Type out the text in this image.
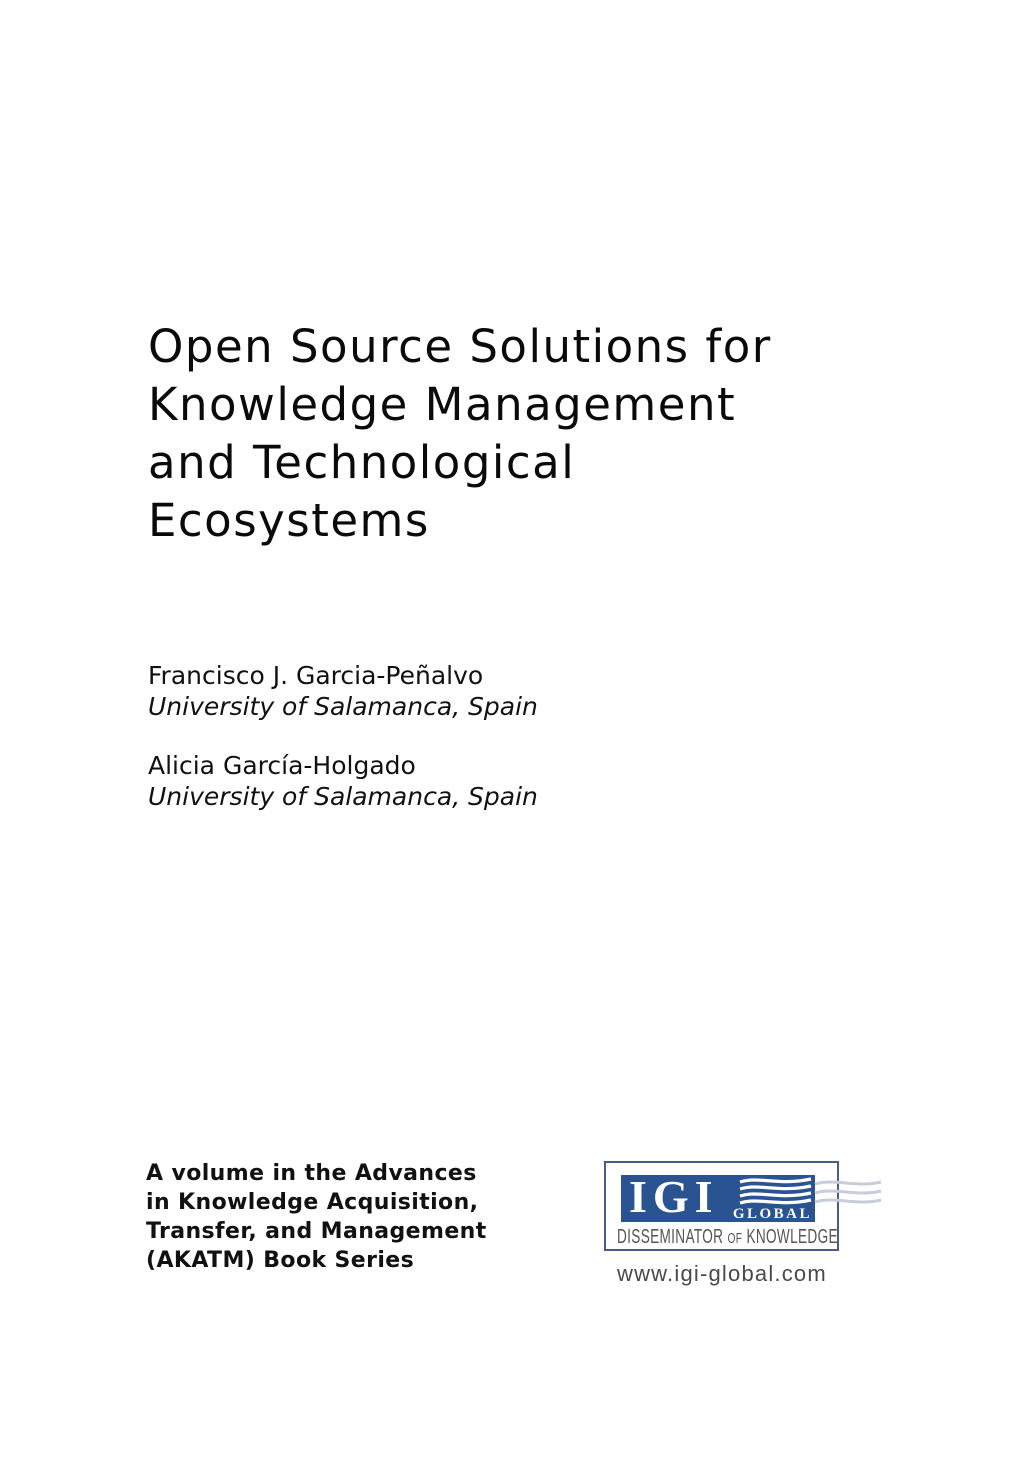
Open Source Solutions for
Knowledge Management
and Technological
Ecosystems
Francisco J. Garcia-Peñalvo
University of Salamanca, Spain
Alicia García-Holgado
University of Salamanca, Spain
A volume in the Advances
in Knowledge Acquisition,
Transfer, and Management
(AKATM) Book Series
IGI GLOBAL
DISSEMINATOR OF KNOWLEDGE
www.igi-global.com
